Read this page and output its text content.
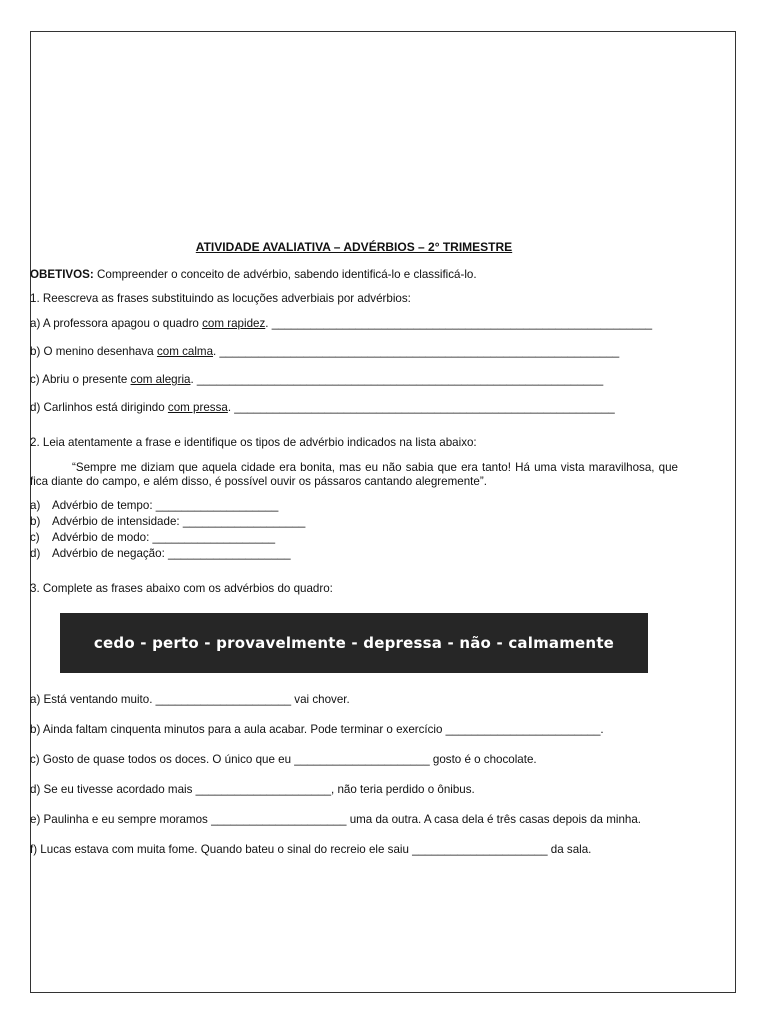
ATIVIDADE AVALIATIVA – ADVÉRBIOS – 2° TRIMESTRE

OBETIVOS: Compreender o conceito de advérbio, sabendo identificá-lo e classificá-lo.

1. Reescreva as frases substituindo as locuções adverbiais por advérbios:

a) A professora apagou o quadro com rapidez. ___________________________________________________________

b) O menino desenhava com calma. ______________________________________________________________

c) Abriu o presente com alegria. _______________________________________________________________

d) Carlinhos está dirigindo com pressa. ___________________________________________________________

2. Leia atentamente a frase e identifique os tipos de advérbio indicados na lista abaixo:

“Sempre me diziam que aquela cidade era bonita, mas eu não sabia que era tanto! Há uma vista maravilhosa, que fica diante do campo, e além disso, é possível ouvir os pássaros cantando alegremente”.

a) Advérbio de tempo: ___________________

b) Advérbio de intensidade: ___________________

c) Advérbio de modo: ___________________

d) Advérbio de negação: ___________________

3. Complete as frases abaixo com os advérbios do quadro:

cedo - perto - provavelmente - depressa - não - calmamente

a) Está ventando muito. _____________________ vai chover.

b) Ainda faltam cinquenta minutos para a aula acabar. Pode terminar o exercício ________________________.

c) Gosto de quase todos os doces. O único que eu _____________________ gosto é o chocolate.

d) Se eu tivesse acordado mais _____________________, não teria perdido o ônibus.

e) Paulinha e eu sempre moramos _____________________ uma da outra. A casa dela é três casas depois da minha.

f) Lucas estava com muita fome. Quando bateu o sinal do recreio ele saiu _____________________ da sala.
